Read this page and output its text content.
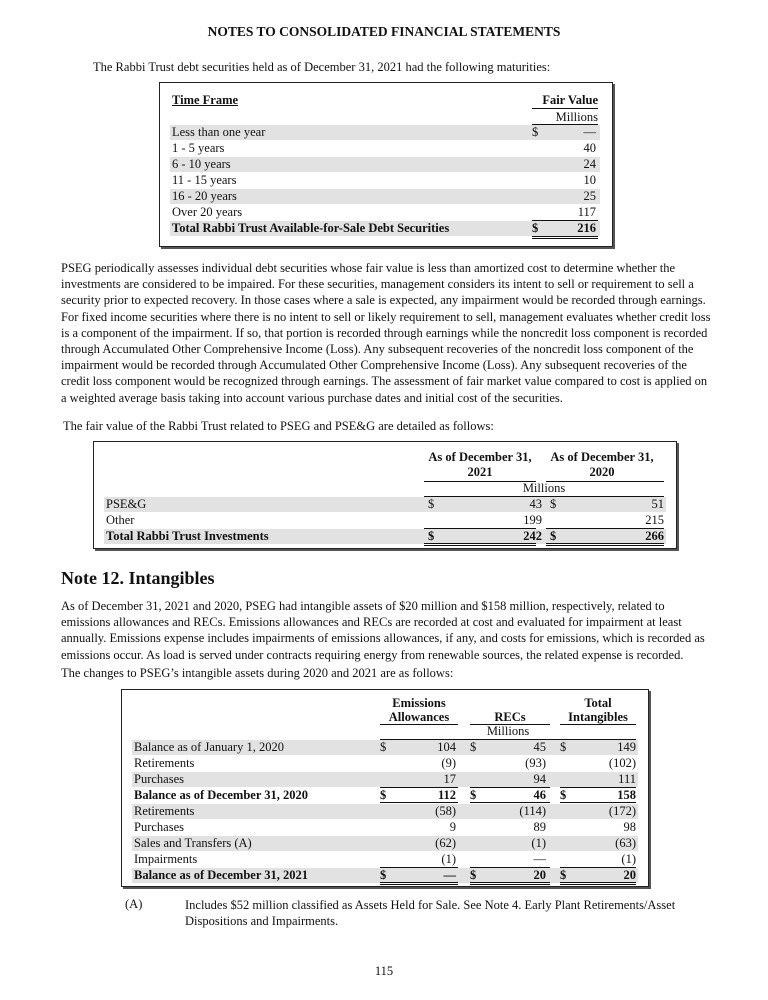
NOTES TO CONSOLIDATED FINANCIAL STATEMENTS
The Rabbi Trust debt securities held as of December 31, 2021 had the following maturities:
Time Frame	Fair Value
Millions
Less than one year	$	—
1 - 5 years	40
6 - 10 years	24
11 - 15 years	10
16 - 20 years	25
Over 20 years	117
Total Rabbi Trust Available-for-Sale Debt Securities	$	216
PSEG periodically assesses individual debt securities whose fair value is less than amortized cost to determine whether the investments are considered to be impaired. For these securities, management considers its intent to sell or requirement to sell a security prior to expected recovery. In those cases where a sale is expected, any impairment would be recorded through earnings. For fixed income securities where there is no intent to sell or likely requirement to sell, management evaluates whether credit loss is a component of the impairment. If so, that portion is recorded through earnings while the noncredit loss component is recorded through Accumulated Other Comprehensive Income (Loss). Any subsequent recoveries of the noncredit loss component of the impairment would be recorded through Accumulated Other Comprehensive Income (Loss). Any subsequent recoveries of the credit loss component would be recognized through earnings. The assessment of fair market value compared to cost is applied on a weighted average basis taking into account various purchase dates and initial cost of the securities.
The fair value of the Rabbi Trust related to PSEG and PSE&G are detailed as follows:
As of December 31, 2021
As of December 31, 2020
Millions
PSE&G	$	43 $	51
Other	199	215
Total Rabbi Trust Investments	$	242 $	266
Note 12. Intangibles
As of December 31, 2021 and 2020, PSEG had intangible assets of $20 million and $158 million, respectively, related to emissions allowances and RECs. Emissions allowances and RECs are recorded at cost and evaluated for impairment at least annually. Emissions expense includes impairments of emissions allowances, if any, and costs for emissions, which is recorded as emissions occur. As load is served under contracts requiring energy from renewable sources, the related expense is recorded.
The changes to PSEG’s intangible assets during 2020 and 2021 are as follows:
Emissions Allowances	RECs
Total Intangibles
Millions
Balance as of January 1, 2020	$	104 $	45 $	149
Retirements	(9)	(93)	(102)
Purchases	17	94	111
Balance as of December 31, 2020	$	112 $	46 $	158
Retirements	(58)	(114)	(172)
Purchases	9	89	98
Sales and Transfers (A)	(62)	(1)	(63)
Impairments	(1)	—	(1)
Balance as of December 31, 2021	$	— $	20 $	20
(A)	Includes $52 million classified as Assets Held for Sale. See Note 4. Early Plant Retirements/Asset Dispositions and Impairments.
115
